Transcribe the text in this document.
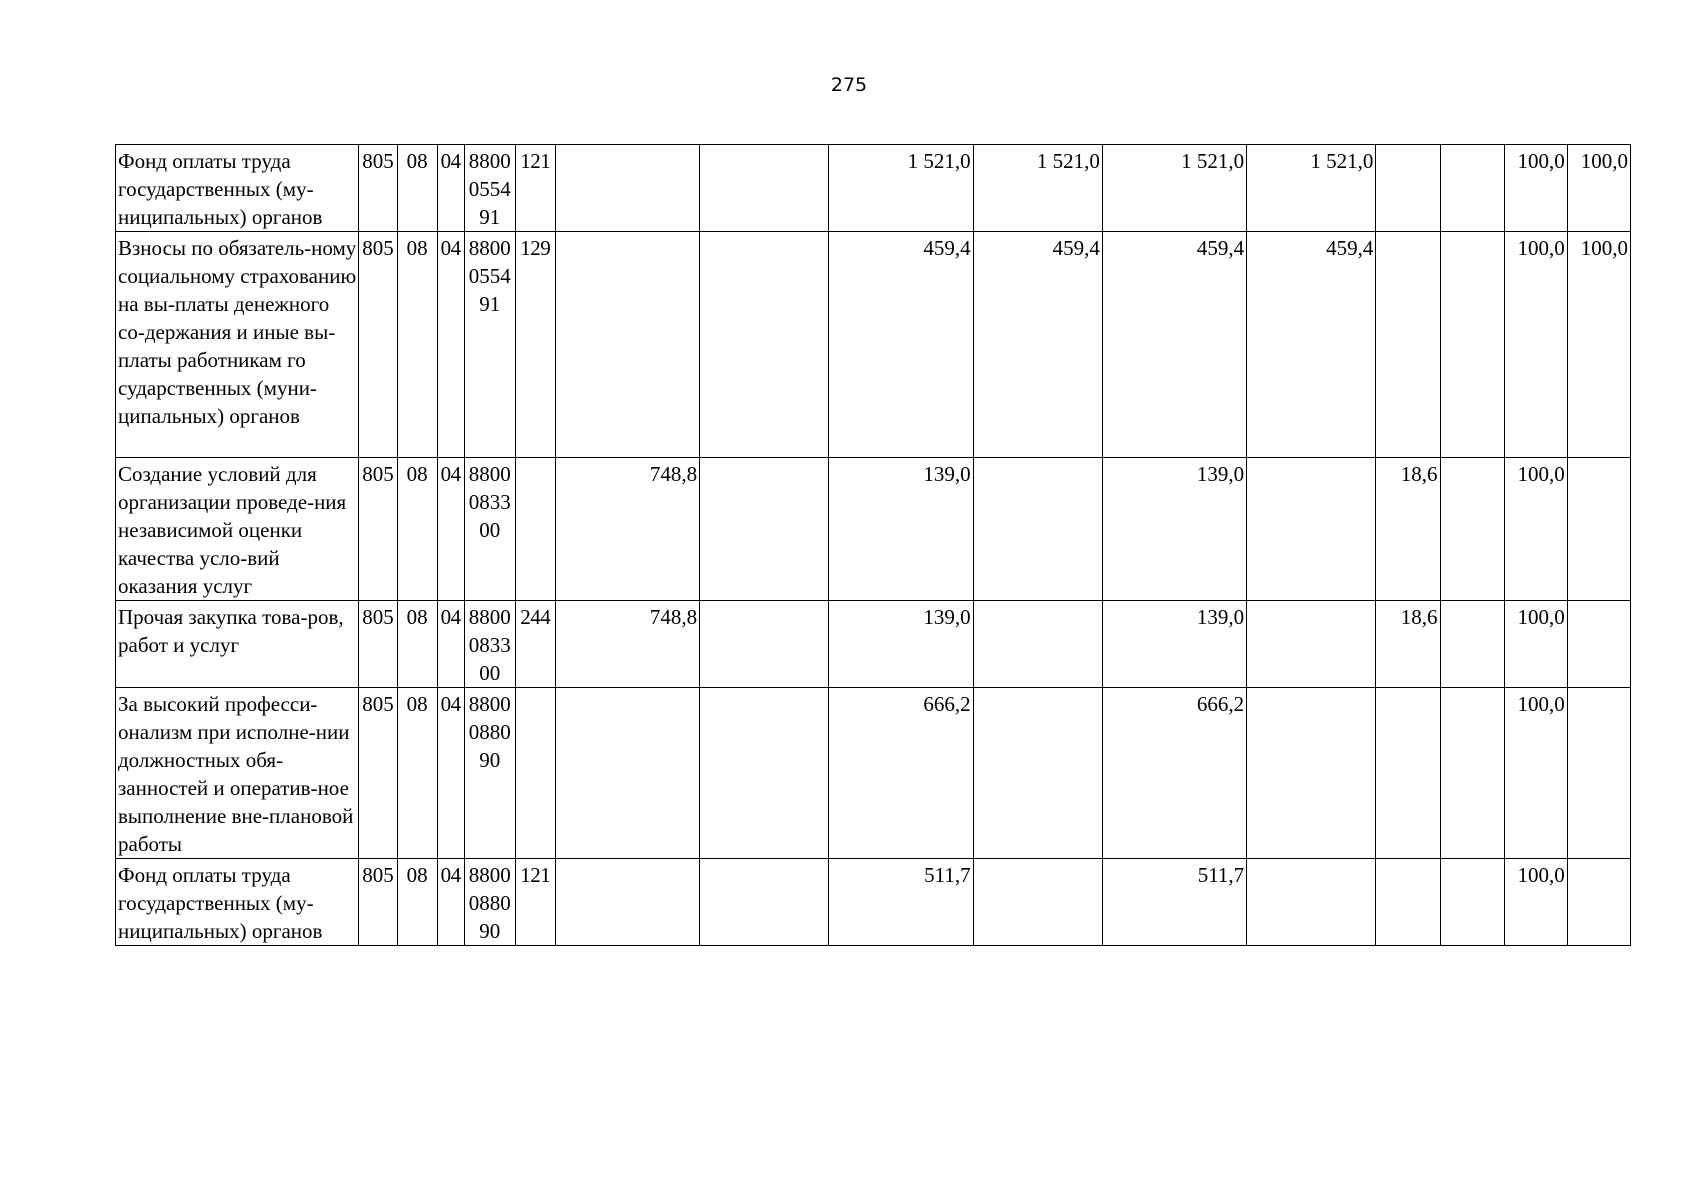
275
Фонд оплаты труда государственных (му-ниципальных) органов	805	08	04	8800 0554 91	121			1 521,0	1 521,0	1 521,0	1 521,0			100,0	100,0
Взносы по обязатель-ному социальному страхованию на вы-платы денежного со-держания и иные вы-платы работникам го сударственных (муни-ципальных) органов	805	08	04	8800 0554 91	129			459,4	459,4	459,4	459,4			100,0	100,0
Создание условий для организации проведе-ния независимой оценки качества усло-вий оказания услуг	805	08	04	8800 0833 00		748,8		139,0		139,0		18,6		100,0	
Прочая закупка това-ров, работ и услуг	805	08	04	8800 0833 00	244	748,8		139,0		139,0		18,6		100,0	
За высокий професси-онализм при исполне-нии должностных обя-занностей и оператив-ное выполнение вне-плановой работы	805	08	04	8800 0880 90				666,2		666,2				100,0	
Фонд оплаты труда государственных (му-ниципальных) органов	805	08	04	8800 0880 90	121			511,7		511,7				100,0	
